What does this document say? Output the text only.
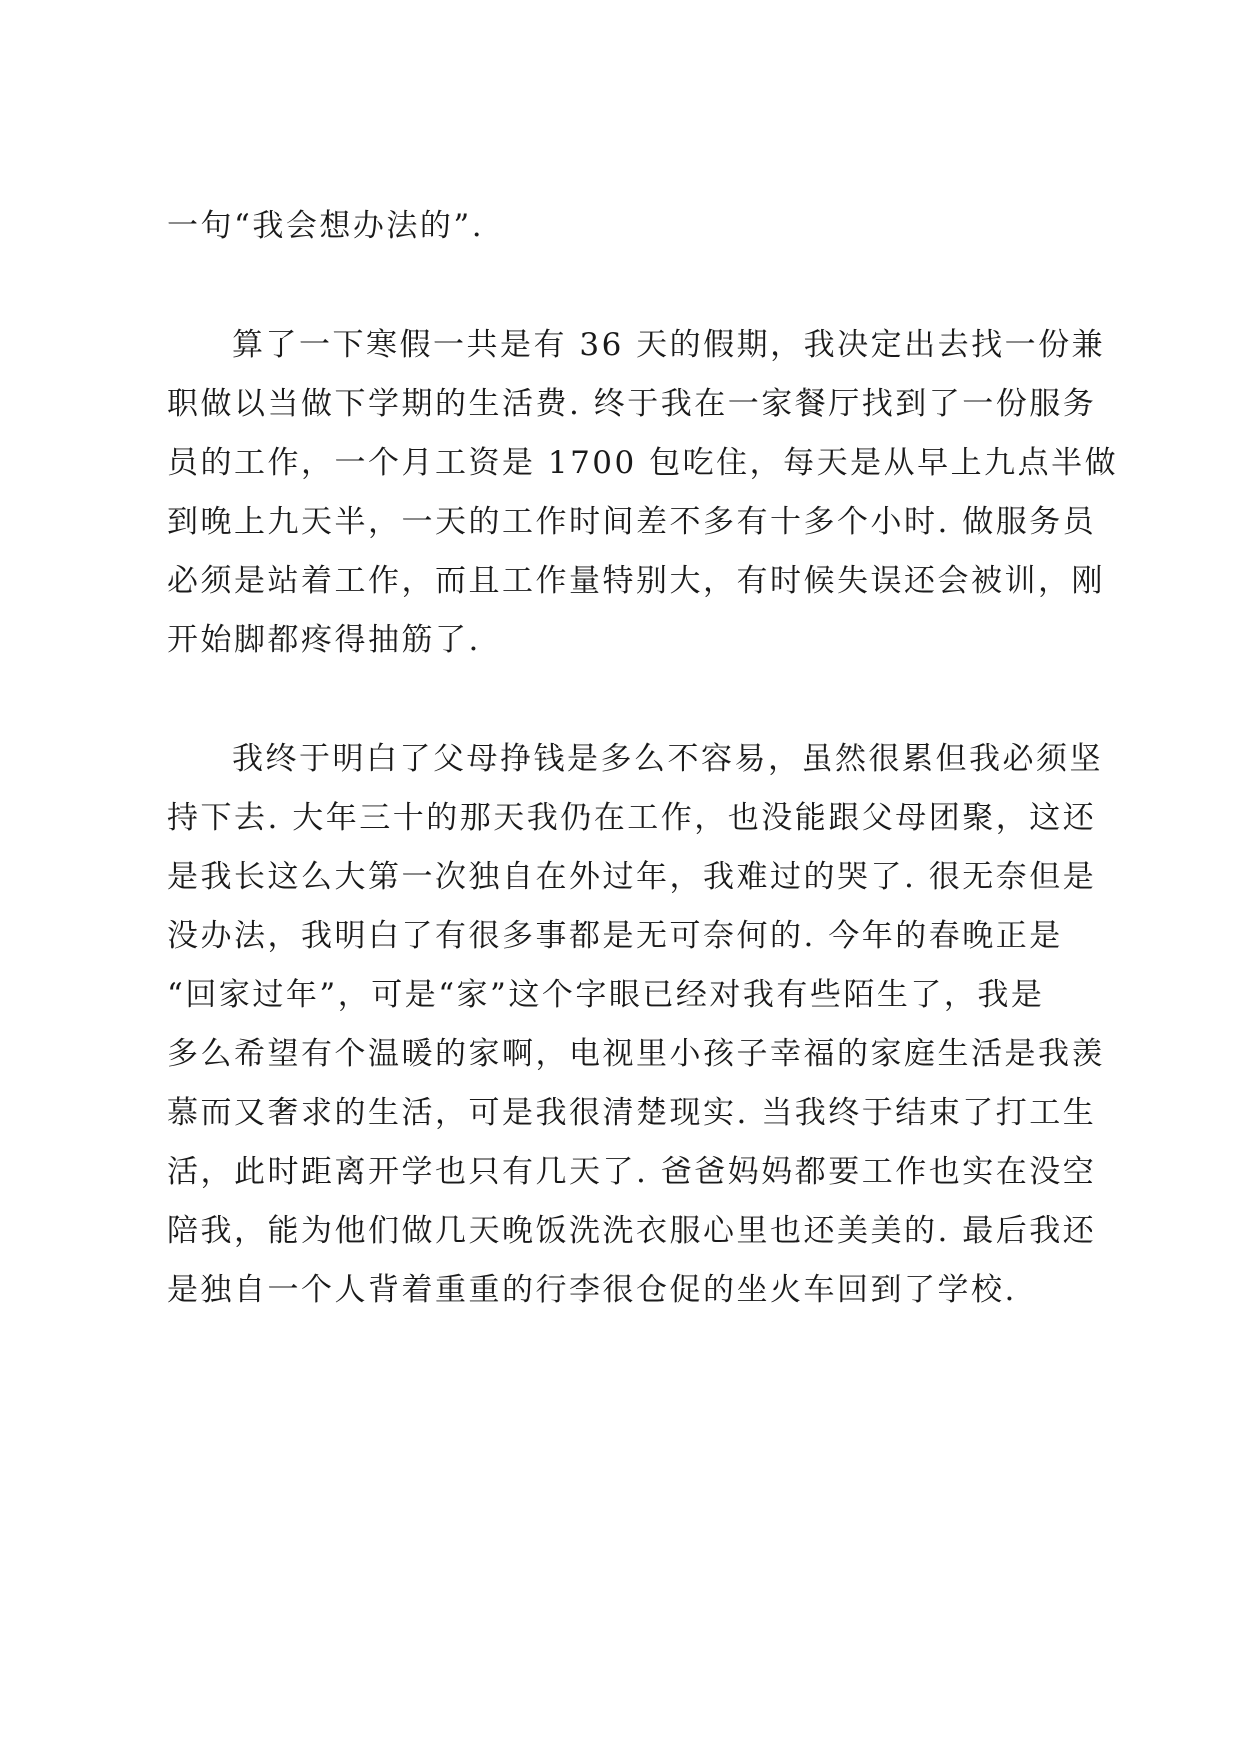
一句“我会想办法的”.
算了一下寒假一共是有 36 天的假期，我决定出去找一份兼
职做以当做下学期的生活费. 终于我在一家餐厅找到了一份服务
员的工作，一个月工资是 1700 包吃住，每天是从早上九点半做
到晚上九天半，一天的工作时间差不多有十多个小时. 做服务员
必须是站着工作，而且工作量特别大，有时候失误还会被训，刚
开始脚都疼得抽筋了.
我终于明白了父母挣钱是多么不容易，虽然很累但我必须坚
持下去. 大年三十的那天我仍在工作，也没能跟父母团聚，这还
是我长这么大第一次独自在外过年，我难过的哭了. 很无奈但是
没办法，我明白了有很多事都是无可奈何的. 今年的春晚正是
“回家过年”，可是“家”这个字眼已经对我有些陌生了，我是
多么希望有个温暖的家啊，电视里小孩子幸福的家庭生活是我羡
慕而又奢求的生活，可是我很清楚现实. 当我终于结束了打工生
活，此时距离开学也只有几天了. 爸爸妈妈都要工作也实在没空
陪我，能为他们做几天晚饭洗洗衣服心里也还美美的. 最后我还
是独自一个人背着重重的行李很仓促的坐火车回到了学校.
